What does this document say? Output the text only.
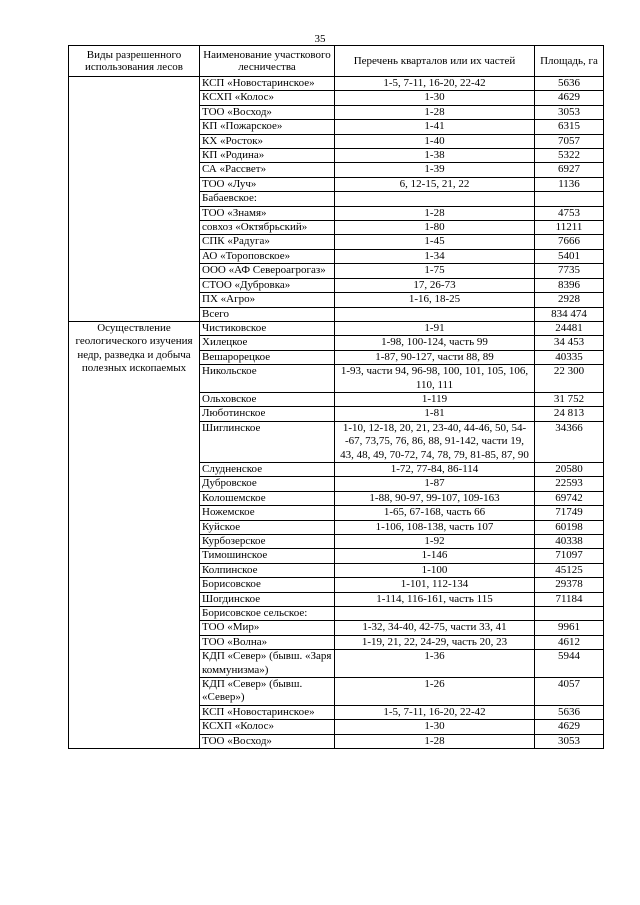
35
Виды разрешенного использования лесов	Наименование участкового лесничества	Перечень кварталов или их частей	Площадь, га
	КСП «Новостаринское»	1-5, 7-11, 16-20, 22-42	5636
	КСХП «Колос»	1-30	4629
	ТОО «Восход»	1-28	3053
	КП «Пожарское»	1-41	6315
	КХ «Росток»	1-40	7057
	КП «Родина»	1-38	5322
	СА «Рассвет»	1-39	6927
	ТОО «Луч»	6, 12-15, 21, 22	1136
	Бабаевское:		
	ТОО «Знамя»	1-28	4753
	совхоз «Октябрьский»	1-80	11211
	СПК «Радуга»	1-45	7666
	АО «Тороповское»	1-34	5401
	ООО «АФ Североагрогаз»	1-75	7735
	СТОО «Дубровка»	17, 26-73	8396
	ПХ «Агро»	1-16, 18-25	2928
	Всего		834 474
Осуществление геологического изучения недр, разведка и добыча полезных ископаемых	Чистиковское	1-91	24481
	Хилецкое	1-98, 100-124, часть 99	34 453
	Вешарорецкое	1-87, 90-127, части 88, 89	40335
	Никольское	1-93, части 94, 96-98, 100, 101, 105, 106, 110, 111	22 300
	Ольховское	1-119	31 752
	Люботинское	1-81	24 813
	Шиглинское	1-10, 12-18, 20, 21, 23-40, 44-46, 50, 54--67, 73,75, 76, 86, 88, 91-142, части 19, 43, 48, 49, 70-72, 74, 78, 79, 81-85, 87, 90	34366
	Слудненское	1-72, 77-84, 86-114	20580
	Дубровское	1-87	22593
	Колошемское	1-88, 90-97, 99-107, 109-163	69742
	Ножемское	1-65, 67-168, часть 66	71749
	Куйское	1-106, 108-138, часть 107	60198
	Курбозерское	1-92	40338
	Тимошинское	1-146	71097
	Колпинское	1-100	45125
	Борисовское	1-101, 112-134	29378
	Шогдинское	1-114, 116-161, часть 115	71184
	Борисовское сельское:		
	ТОО «Мир»	1-32, 34-40, 42-75, части 33, 41	9961
	ТОО «Волна»	1-19, 21, 22, 24-29, часть 20, 23	4612
	КДП «Север» (бывш. «Заря коммунизма»)	1-36	5944
	КДП «Север» (бывш. «Север»)	1-26	4057
	КСП «Новостаринское»	1-5, 7-11, 16-20, 22-42	5636
	КСХП «Колос»	1-30	4629
	ТОО «Восход»	1-28	3053
